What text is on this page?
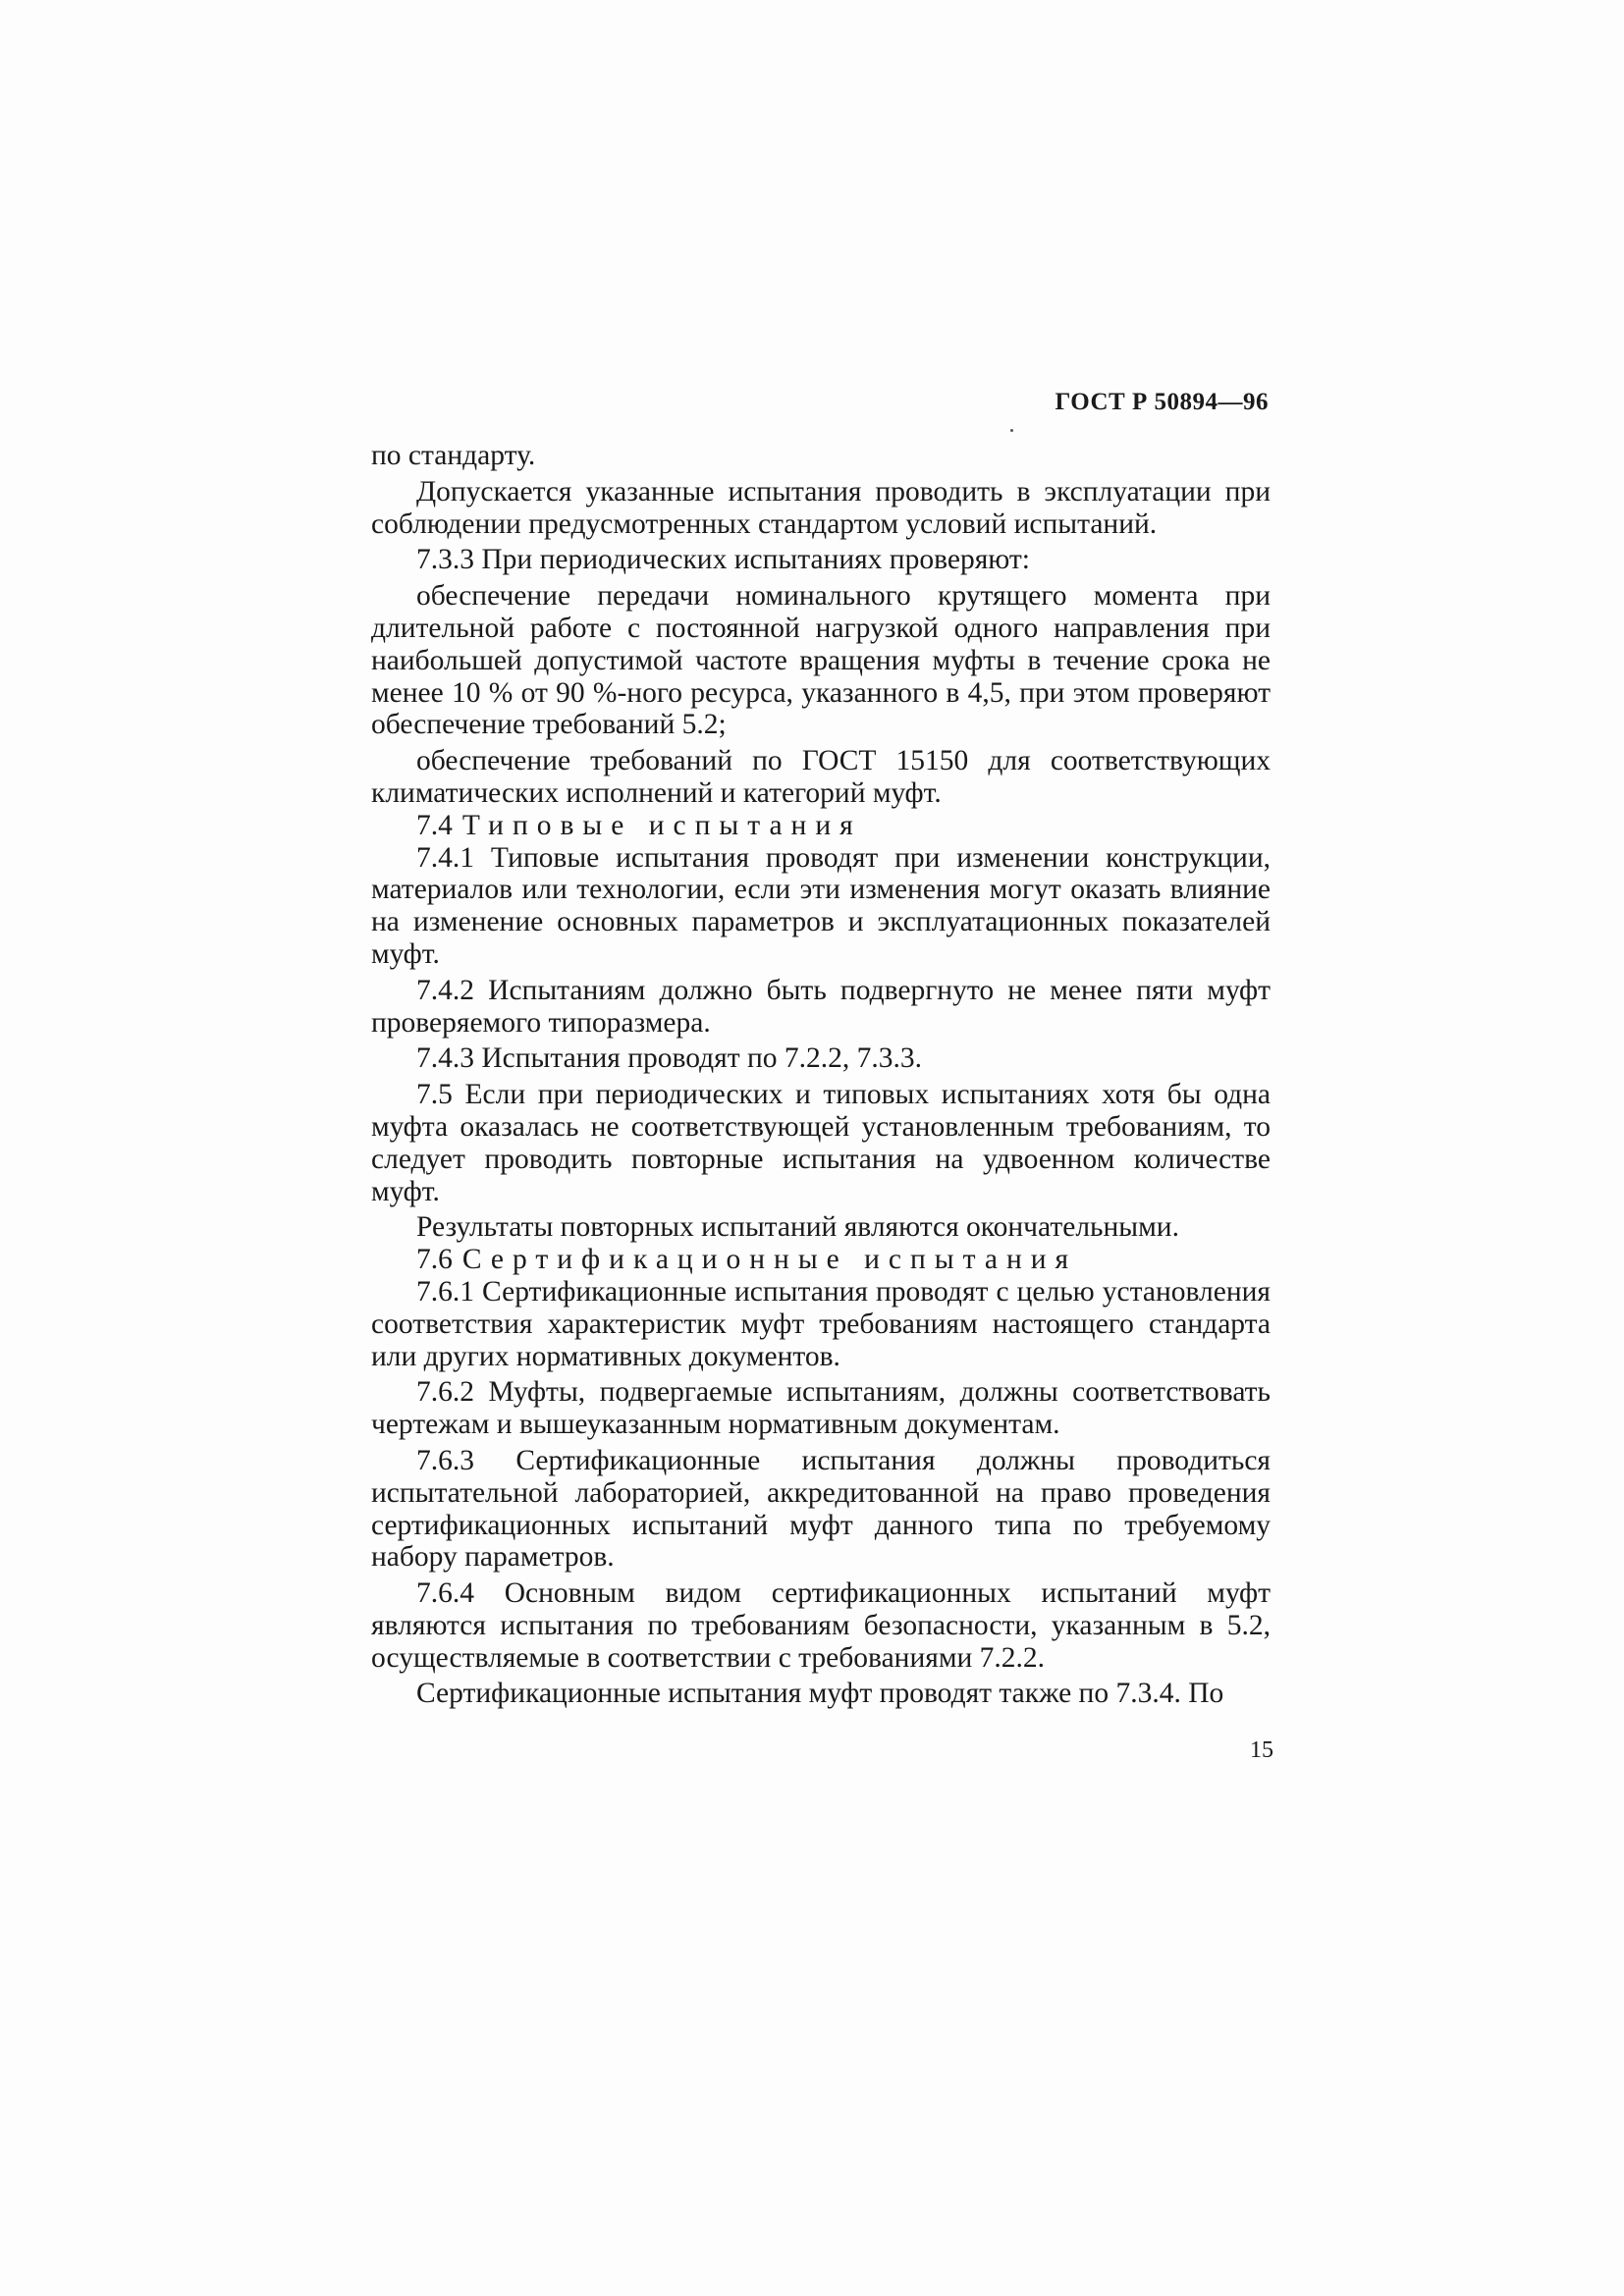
ГОСТ Р 50894—96

по стандарту.

Допускается указанные испытания проводить в эксплуатации при соблюдении предусмотренных стандартом условий испытаний.

7.3.3 При периодических испытаниях проверяют:

обеспечение передачи номинального крутящего момента при длительной работе с постоянной нагрузкой одного направления при наибольшей допустимой частоте вращения муфты в течение срока не менее 10 % от 90 %-ного ресурса, указанного в 4,5, при этом проверяют обеспечение требований 5.2;

обеспечение требований по ГОСТ 15150 для соответствующих климатических исполнений и категорий муфт.

7.4 Типовые испытания

7.4.1 Типовые испытания проводят при изменении конструкции, материалов или технологии, если эти изменения могут оказать влияние на изменение основных параметров и эксплуатационных показателей муфт.

7.4.2 Испытаниям должно быть подвергнуто не менее пяти муфт проверяемого типоразмера.

7.4.3 Испытания проводят по 7.2.2, 7.3.3.

7.5 Если при периодических и типовых испытаниях хотя бы одна муфта оказалась не соответствующей установленным требованиям, то следует проводить повторные испытания на удвоенном количестве муфт.

Результаты повторных испытаний являются окончательными.

7.6 Сертификационные испытания

7.6.1 Сертификационные испытания проводят с целью установления соответствия характеристик муфт требованиям настоящего стандарта или других нормативных документов.

7.6.2 Муфты, подвергаемые испытаниям, должны соответствовать чертежам и вышеуказанным нормативным документам.

7.6.3 Сертификационные испытания должны проводиться испытательной лабораторией, аккредитованной на право проведения сертификационных испытаний муфт данного типа по требуемому набору параметров.

7.6.4 Основным видом сертификационных испытаний муфт являются испытания по требованиям безопасности, указанным в 5.2, осуществляемые в соответствии с требованиями 7.2.2.

Сертификационные испытания муфт проводят также по 7.3.4. По

15
